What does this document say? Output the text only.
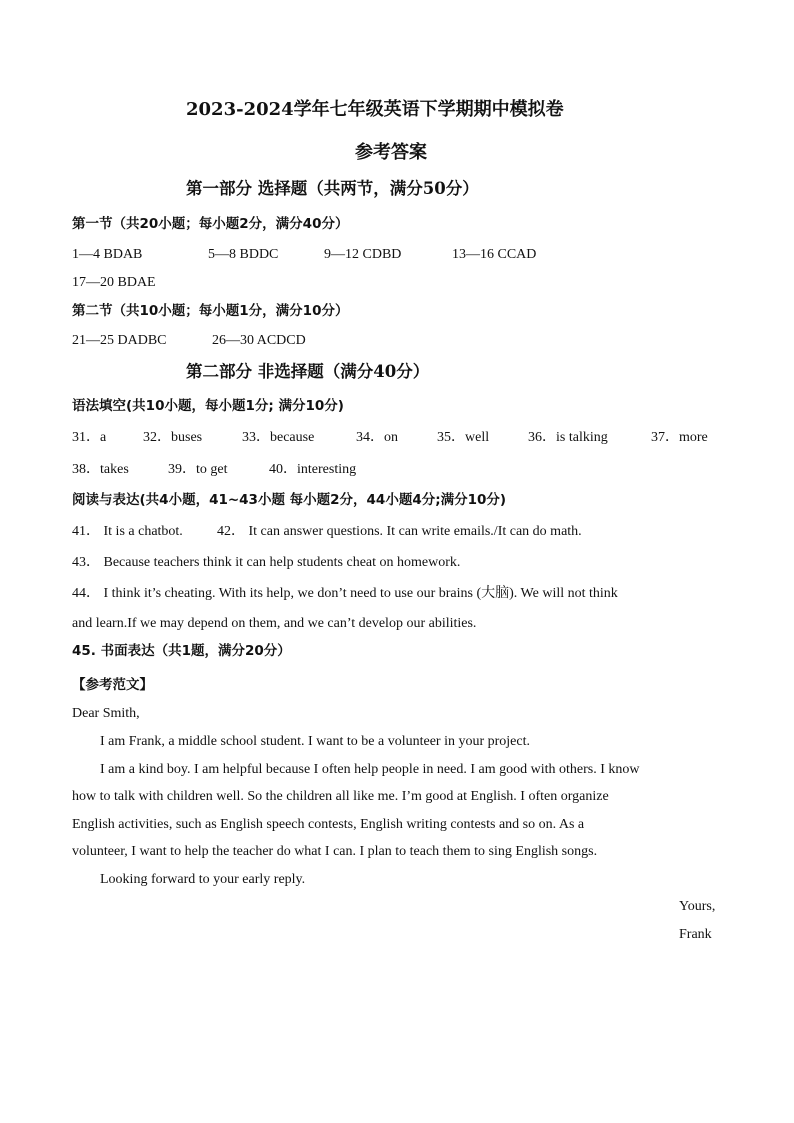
2023-2024学年七年级英语下学期期中模拟卷
参考答案
第一部分 选择题（共两节，满分50分）
第一节（共20小题；每小题2分，满分40分）
1—4 BDAB	5—8 BDDC	9—12 CDBD	13—16 CCAD
17—20 BDAE
第二节（共10小题；每小题1分，满分10分）
21—25 DADBC	26—30 ACDCD
第二部分 非选择题（满分40分）
语法填空(共10小题，每小题1分; 满分10分)
31．a	32．buses	33．because	34．on	35．well	36．is talking	37．more
38．takes	39．to get	40．interesting
阅读与表达(共4小题，41~43小题 每小题2分，44小题4分;满分10分)
41． It is a chatbot. 42． It can answer questions. It can write emails./It can do math.
43． Because teachers think it can help students cheat on homework.
44． I think it’s cheating. With its help, we don’t need to use our brains (大脑). We will not think
and learn.If we may depend on them, and we can’t develop our abilities.
45. 书面表达（共1题，满分20分）
【参考范文】
Dear Smith,
I am Frank, a middle school student. I want to be a volunteer in your project.
I am a kind boy. I am helpful because I often help people in need. I am good with others. I know
how to talk with children well. So the children all like me. I’m good at English. I often organize
English activities, such as English speech contests, English writing contests and so on. As a
volunteer, I want to help the teacher do what I can. I plan to teach them to sing English songs.
Looking forward to your early reply.
Yours,
Frank
